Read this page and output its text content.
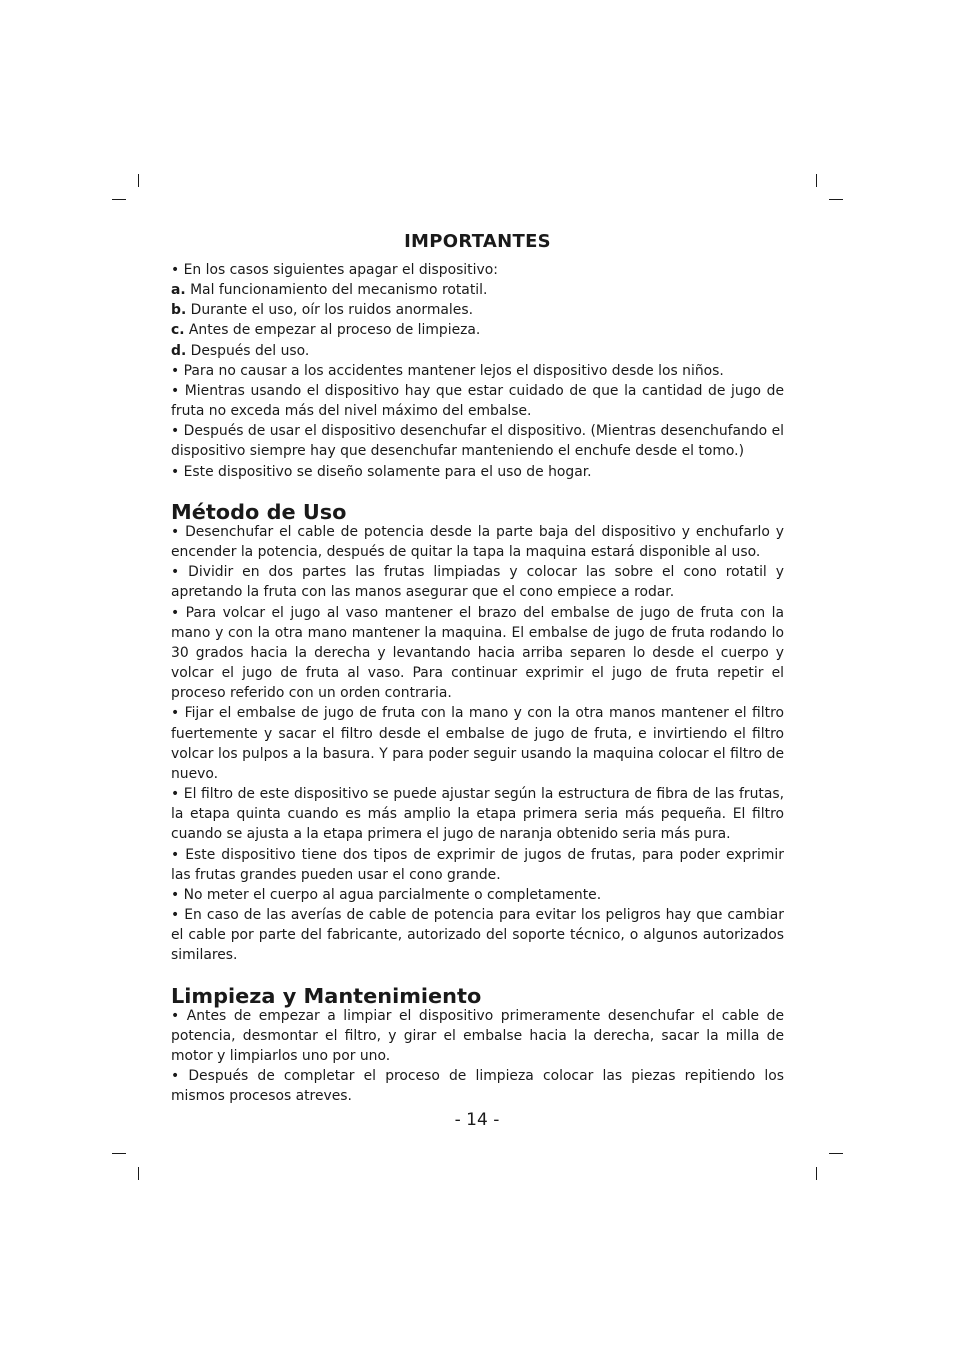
IMPORTANTES

• En los casos siguientes apagar el dispositivo:

a. Mal funcionamiento del mecanismo rotatil.

b. Durante el uso, oír los ruidos anormales.

c. Antes de empezar al proceso de limpieza.

d. Después del uso.

• Para no causar a los accidentes mantener lejos el dispositivo desde los niños.

• Mientras usando el dispositivo hay que estar cuidado de que la cantidad de jugo de fruta no exceda más del nivel máximo del embalse.

• Después de usar el dispositivo desenchufar el dispositivo. (Mientras desenchufando el dispositivo siempre hay que desenchufar manteniendo el enchufe desde el tomo.)

• Este dispositivo se diseño solamente para el uso de hogar.

Método de Uso

• Desenchufar el cable de potencia desde la parte baja del dispositivo y enchufarlo y encender la potencia, después de quitar la tapa la maquina estará disponible al uso.

• Dividir en dos partes las frutas limpiadas y colocar las sobre el cono rotatil y apretando la fruta con las manos asegurar que el cono empiece a rodar.

• Para volcar el jugo al vaso mantener el brazo del embalse de jugo de fruta con la mano y con la otra mano mantener la maquina. El embalse de jugo de fruta rodando lo 30 grados hacia la derecha y levantando hacia arriba separen lo desde el cuerpo y volcar el jugo de fruta al vaso. Para continuar exprimir el jugo de fruta repetir el proceso referido con un orden contraria.

• Fijar el embalse de jugo de fruta con la mano y con la otra manos mantener el filtro fuertemente y sacar el filtro desde el embalse de jugo de fruta, e invirtiendo el filtro volcar los pulpos a la basura. Y para poder seguir usando la maquina colocar el filtro de nuevo.

• El filtro de este dispositivo se puede ajustar según la estructura de fibra de las frutas, la etapa quinta cuando es más amplio la etapa primera seria más pequeña. El filtro cuando se ajusta a la etapa primera el jugo de naranja obtenido seria más pura.

• Este dispositivo tiene dos tipos de exprimir de jugos de frutas, para poder exprimir las frutas grandes pueden usar el cono grande.

• No meter el cuerpo al agua parcialmente o completamente.

• En caso de las averías de cable de potencia para evitar los peligros hay que cambiar el cable por parte del fabricante, autorizado del soporte técnico, o algunos autorizados similares.

Limpieza y Mantenimiento

• Antes de empezar a limpiar el dispositivo primeramente desenchufar el cable de potencia, desmontar el filtro, y girar el embalse hacia la derecha, sacar la milla de motor y limpiarlos uno por uno.

• Después de completar el proceso de limpieza colocar las piezas repitiendo los mismos procesos atreves.

- 14 -
